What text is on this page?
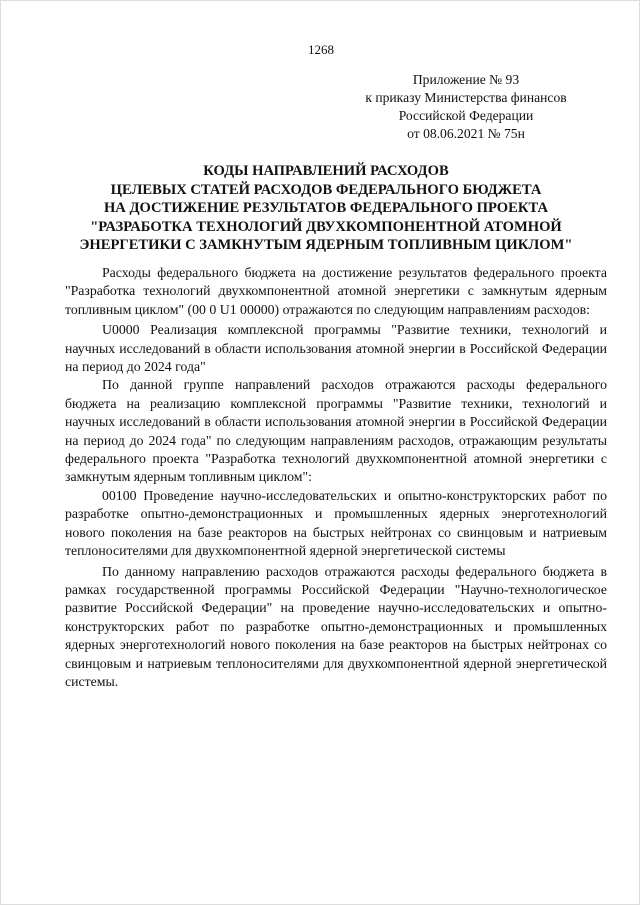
1268
Приложение № 93
к приказу Министерства финансов
Российской Федерации
от 08.06.2021 № 75н
КОДЫ НАПРАВЛЕНИЙ РАСХОДОВ
ЦЕЛЕВЫХ СТАТЕЙ РАСХОДОВ ФЕДЕРАЛЬНОГО БЮДЖЕТА
НА ДОСТИЖЕНИЕ РЕЗУЛЬТАТОВ ФЕДЕРАЛЬНОГО ПРОЕКТА
"РАЗРАБОТКА ТЕХНОЛОГИЙ ДВУХКОМПОНЕНТНОЙ АТОМНОЙ
ЭНЕРГЕТИКИ С ЗАМКНУТЫМ ЯДЕРНЫМ ТОПЛИВНЫМ ЦИКЛОМ"

Расходы федерального бюджета на достижение результатов федерального проекта "Разработка технологий двухкомпонентной атомной энергетики с замкнутым ядерным топливным циклом" (00 0 U1 00000) отражаются по следующим направлениям расходов:

U0000 Реализация комплексной программы "Развитие техники, технологий и научных исследований в области использования атомной энергии в Российской Федерации на период до 2024 года"

По данной группе направлений расходов отражаются расходы федерального бюджета на реализацию комплексной программы "Развитие техники, технологий и научных исследований в области использования атомной энергии в Российской Федерации на период до 2024 года" по следующим направлениям расходов, отражающим результаты федерального проекта "Разработка технологий двухкомпонентной атомной энергетики с замкнутым ядерным топливным циклом":

00100 Проведение научно-исследовательских и опытно-конструкторских работ по разработке опытно-демонстрационных и промышленных ядерных энерготехнологий нового поколения на базе реакторов на быстрых нейтронах со свинцовым и натриевым теплоносителями для двухкомпонентной ядерной энергетической системы

По данному направлению расходов отражаются расходы федерального бюджета в рамках государственной программы Российской Федерации "Научно-технологическое развитие Российской Федерации" на проведение научно-исследовательских и опытно-конструкторских работ по разработке опытно-демонстрационных и промышленных ядерных энерготехнологий нового поколения на базе реакторов на быстрых нейтронах со свинцовым и натриевым теплоносителями для двухкомпонентной ядерной энергетической системы.
